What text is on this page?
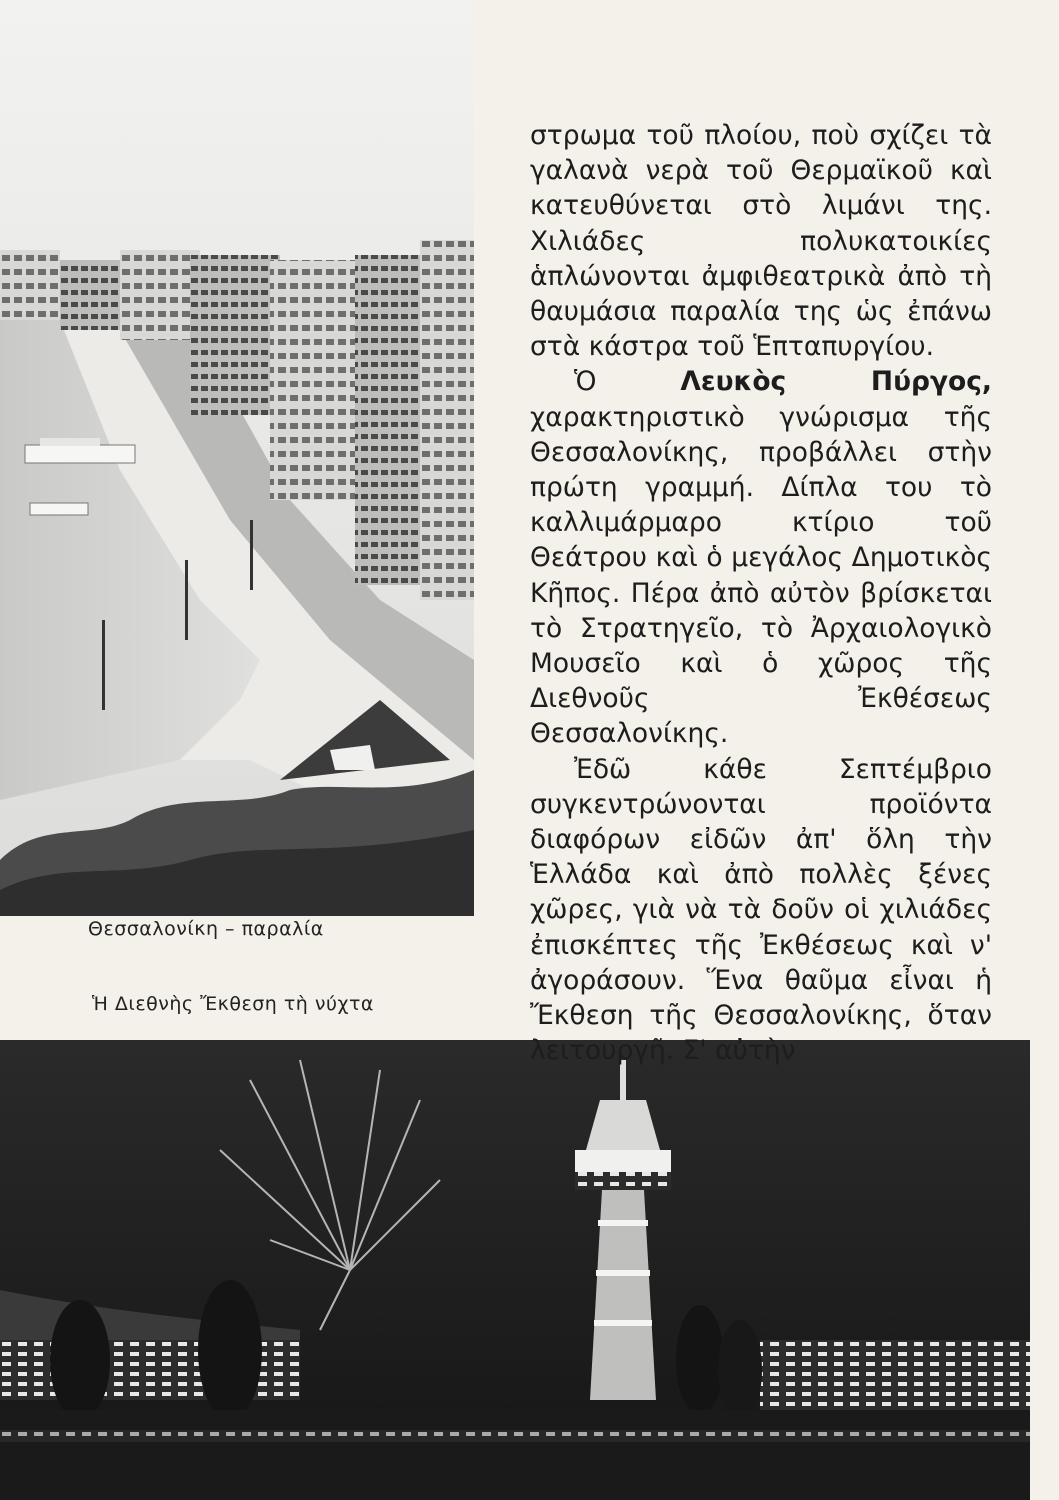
Θεσσαλονίκη – παραλία
Ἡ Διεθνὴς Ἔκθεση τὴ νύχτα

στρωμα τοῦ πλοίου, ποὺ σχίζει τὰ γαλανὰ νερὰ τοῦ Θερμαϊκοῦ καὶ κατευθύνεται στὸ λιμάνι της. Χιλιάδες πολυκατοικίες ἁπλώνονται ἀμφιθεατρικὰ ἀπὸ τὴ θαυμάσια παραλία της ὡς ἐπάνω στὰ κάστρα τοῦ Ἑπταπυργίου.

Ὁ Λευκὸς Πύργος, χαρακτηριστικὸ γνώρισμα τῆς Θεσσαλονίκης, προβάλλει στὴν πρώτη γραμμή. Δίπλα του τὸ καλλιμάρμαρο κτίριο τοῦ Θεάτρου καὶ ὁ μεγάλος Δημοτικὸς Κῆπος. Πέρα ἀπὸ αὐτὸν βρίσκεται τὸ Στρατηγεῖο, τὸ Ἀρχαιολογικὸ Μουσεῖο καὶ ὁ χῶρος τῆς Διεθνοῦς Ἐκθέσεως Θεσσαλονίκης.

Ἐδῶ κάθε Σεπτέμβριο συγκεντρώνονται προϊόντα διαφόρων εἰδῶν ἀπ' ὅλη τὴν Ἑλλάδα καὶ ἀπὸ πολλὲς ξένες χῶρες, γιὰ νὰ τὰ δοῦν οἱ χιλιάδες ἐπισκέπτες τῆς Ἐκθέσεως καὶ ν' ἀγοράσουν. Ἕνα θαῦμα εἶναι ἡ Ἔκθεση τῆς Θεσσαλονίκης, ὅταν λειτουργῆ. Σ' αὐτὴν
